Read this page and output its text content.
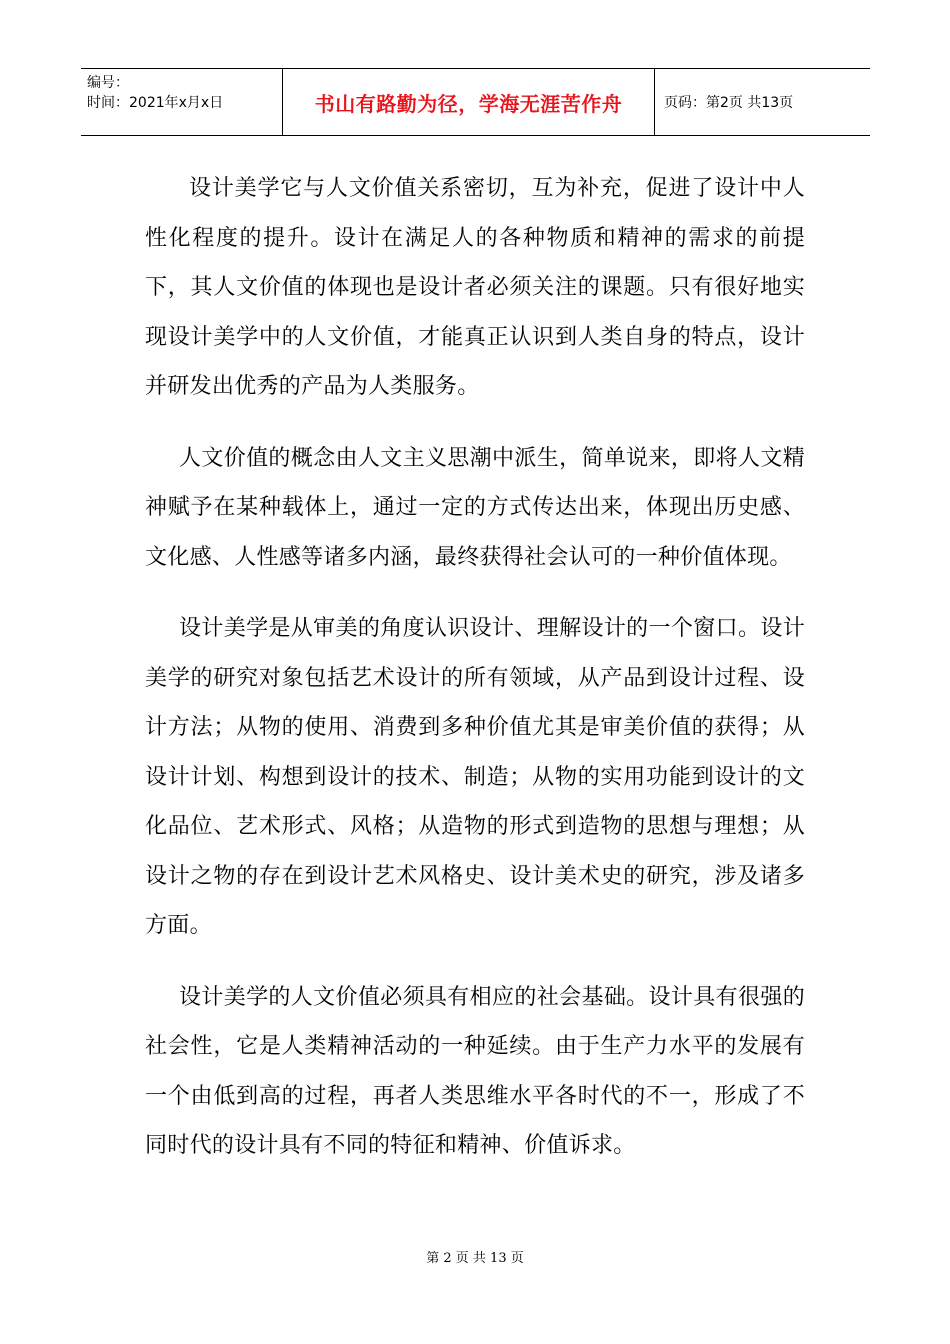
编号：
时间：2021年x月x日	书山有路勤为径，学海无涯苦作舟	页码：第2页 共13页

设计美学它与人文价值关系密切，互为补充，促进了设计中人性化程度的提升。设计在满足人的各种物质和精神的需求的前提下，其人文价值的体现也是设计者必须关注的课题。只有很好地实现设计美学中的人文价值，才能真正认识到人类自身的特点，设计并研发出优秀的产品为人类服务。

人文价值的概念由人文主义思潮中派生，简单说来，即将人文精神赋予在某种载体上，通过一定的方式传达出来，体现出历史感、文化感、人性感等诸多内涵，最终获得社会认可的一种价值体现。

设计美学是从审美的角度认识设计、理解设计的一个窗口。设计美学的研究对象包括艺术设计的所有领域，从产品到设计过程、设计方法；从物的使用、消费到多种价值尤其是审美价值的获得；从设计计划、构想到设计的技术、制造；从物的实用功能到设计的文化品位、艺术形式、风格；从造物的形式到造物的思想与理想；从设计之物的存在到设计艺术风格史、设计美术史的研究，涉及诸多方面。

设计美学的人文价值必须具有相应的社会基础。设计具有很强的社会性，它是人类精神活动的一种延续。由于生产力水平的发展有一个由低到高的过程，再者人类思维水平各时代的不一，形成了不同时代的设计具有不同的特征和精神、价值诉求。

第 2 页 共 13 页
